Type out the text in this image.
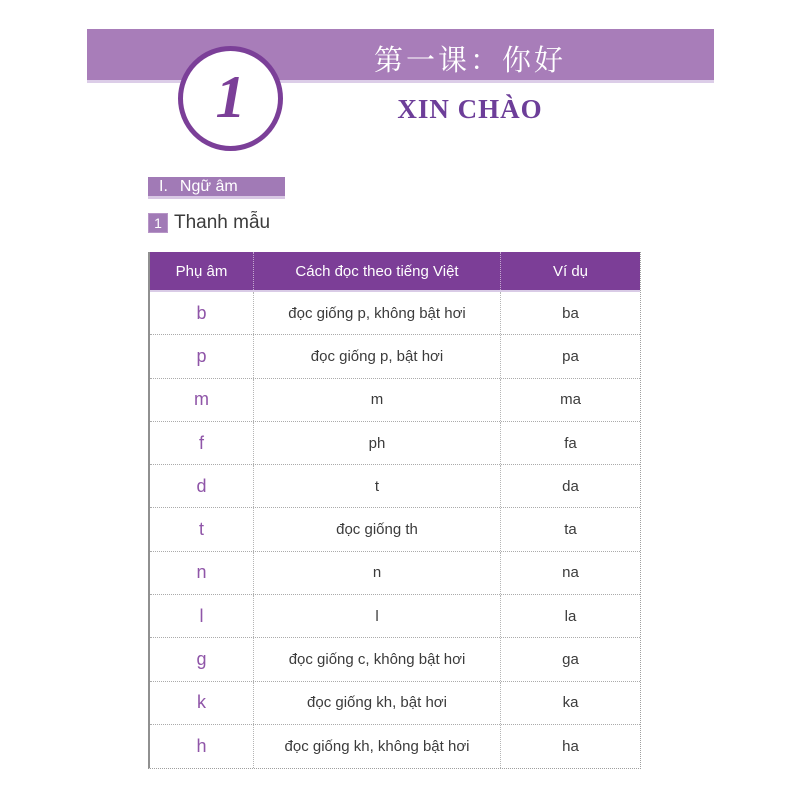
1
第一课：你好
XIN CHÀO
I. Ngữ âm
1 Thanh mẫu
Phụ âm	Cách đọc theo tiếng Việt	Ví dụ
b	đọc giống p, không bật hơi	ba
p	đọc giống p, bật hơi	pa
m	m	ma
f	ph	fa
d	t	da
t	đọc giống th	ta
n	n	na
l	l	la
g	đọc giống c, không bật hơi	ga
k	đọc giống kh, bật hơi	ka
h	đọc giống kh, không bật hơi	ha
